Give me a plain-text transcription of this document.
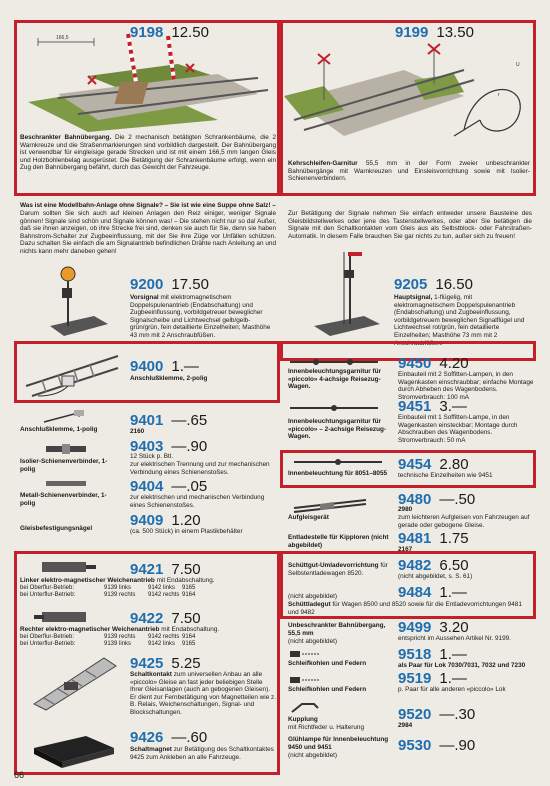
9198 12.50
166,5
Beschrankter Bahnübergang. Die 2 mechanisch betätigten Schrankenbäume, die 2 Warnkreuze und die Straßenmarkierungen sind vorbildlich dargestellt. Der Bahnübergang ist verwendbar für eingleisige gerade Strecken und ist mit einem 166,5 mm langen Gleis und Holzbohlenbelag ausgerüstet. Die Betätigung der Schrankenbäume erfolgt, wenn ein Zug den Bahnübergang befährt, durch das Gewicht der Fahrzeuge.
9199 13.50
r
U
Kehrschleifen-Garnitur 55,5 mm in der Form zweier unbeschrankter Bahnübergänge mit Warnkreuzen und Einsleisvorrichtung sowie mit Isolier-Schienenverbindern.
Was ist eine Modellbahn-Anlage ohne Signale? – Sie ist wie eine Suppe ohne Salz! –
Darum sollten Sie sich auch auf kleinen Anlagen den Reiz einiger, weniger Signale gönnen! Signale sind schön und Signale können was! – Die stehen nicht nur so da! Außer, daß sie ihnen anzeigen, ob ihre Strecke frei sind, denken sie auch für Sie, denn sie haben Bahnstrom-Schalter zur Zugbeeinflussung, mit der Sie ihre Züge vor Unfällen schützen. Dazu schalten Sie einfach die am Signalantrieb befindlichen Drähte nach Anleitung an und nichts kann mehr daneben gehen!
Zur Betätigung der Signale nehmen Sie einfach entweder unsere Bausteine des Gleisbildstellwerkes oder jene des Tastenstellwerkes, oder aber Sie betätigen die Signale mit den Schaltkontakten vom Gleis aus als Selbstblock- oder Fahrstraßen-Automatik. In diesem Falle brauchen Sie gar nichts zu tun, außer sich zu freuen!
9200 17.50
Vorsignal mit elektromagnetischem Doppelspulenantrieb (Endabschaltung) und Zugbeeinflussung, vorbildgetreuer beweglicher Signalscheibe und Lichtwechsel gelb/gelb-grün/grün, fein detaillierte Einzelheiten; Masthöhe 43 mm mit 2 Anschraubfüßen.
9205 16.50
Hauptsignal, 1-flügelig, mit elektromagnetischem Doppelspulenantrieb (Endabschaltung) und Zugbeeinflussung, vorbildgetreuem beweglichen Signalflügel und Lichtwechsel rot/grün, fein detaillierte Einzelheiten; Masthöhe 73 mm mit 2 Anschraubfüßen.
9400 1.—
Anschlußklemme, 2-polig
Anschlußklemme, 1-polig
9401 —.65
2160
Isolier-Schienenverbinder, 1-polig
9403 —.90
12 Stück p. Btl.
zur elektrischen Trennung und zur mechanischen Verbindung eines Schienenstoßes.
Metall-Schienenverbinder, 1-polig
9404 —.05
zur elektrischen und mechanischen Verbindung eines Schienenstoßes.
Gleisbefestigungsnägel	9409 1.20
(ca. 500 Stück) in einem Plastikbehälter
Innenbeleuchtungsgarnitur für «piccolo» 4-achsige Reisezug-Wagen.
9450 4.20
Einbauteil mit 2 Soffitten-Lampen, in den Wagenkasten einschraubbar; einfache Montage durch Abheben des Wagenbodens. Stromverbrauch: 100 mA
Innenbeleuchtungsgarnitur für «piccolo» – 2-achsige Reisezug-Wagen.
9451 3.—
Einbauteil mit 1 Soffitten-Lampe, in den Wagenkasten einsteckbar; Montage durch Abschrauben des Wagenbodens. Stromverbrauch: 50 mA
Innenbeleuchtung für 8051–8055
9454 2.80
technische Einzelheiten wie 9451
Aufgleisgerät
9480 —.50
2980
zum leichteren Aufgleisen von Fahrzeugen auf gerade oder gebogene Gleise.
Entladestelle für Kipploren (nicht abgebildet)	9481 1.75
2167
9421 7.50
Linker elektro-magnetischer Weichenantrieb mit Endabschaltung.
bei Oberflur-Betrieb:	9139 links	9142 links	9165
bei Unterflur-Betrieb:	9139 rechts	9142 rechts 9164
9422 7.50
Rechter elektro-magnetischer Weichenantrieb mit Endabschaltung.
bei Oberflur-Betrieb:	9139 rechts	9142 rechts 9164
bei Unterflur-Betrieb:	9139 links	9142 links	9165
9425 5.25
Schaltkontakt zum universellen Anbau an alle «piccolo» Gleise an fast jeder beliebigen Stelle Ihrer Gleisanlagen (auch an gebogenen Gleisen). Er dient zur Fernbetätigung von Magnetteilen wie z. B. Relais, Weichenschaltungen, Signal- und Blockschaltungen.
9426 —.60
Schaltmagnet zur Betätigung des Schaltkontaktes 9425 zum Ankleben an alle Fahrzeuge.
Schüttgut-Umladevorrichtung für Selbstentladewagen 8520.	9482 6.50
(nicht abgebildet, s. S. 61)
(nicht abgebildet)	9484 1.—
Schüttladegut für Wagen 8500 und 8520 sowie für die Entladevorrichtungen 9481 und 9482
Unbeschrankter Bahnübergang, 55,5 mm
(nicht abgebildet)
9499 3.20
entspricht im Aussehen Artikel Nr. 9199.
Schleifkohlen und Federn
9518 1.—
als Paar für Lok 7030/7031, 7032 und 7230
Schleifkohlen und Federn
9519 1.—
p. Paar für alle anderen «piccolo» Lok
Kupplung
mit Richtfeder u. Halterung
9520 —.30
2984
Glühlampe für Innenbeleuchtung 9450 und 9451
(nicht abgebildet)
9530 —.90
66
